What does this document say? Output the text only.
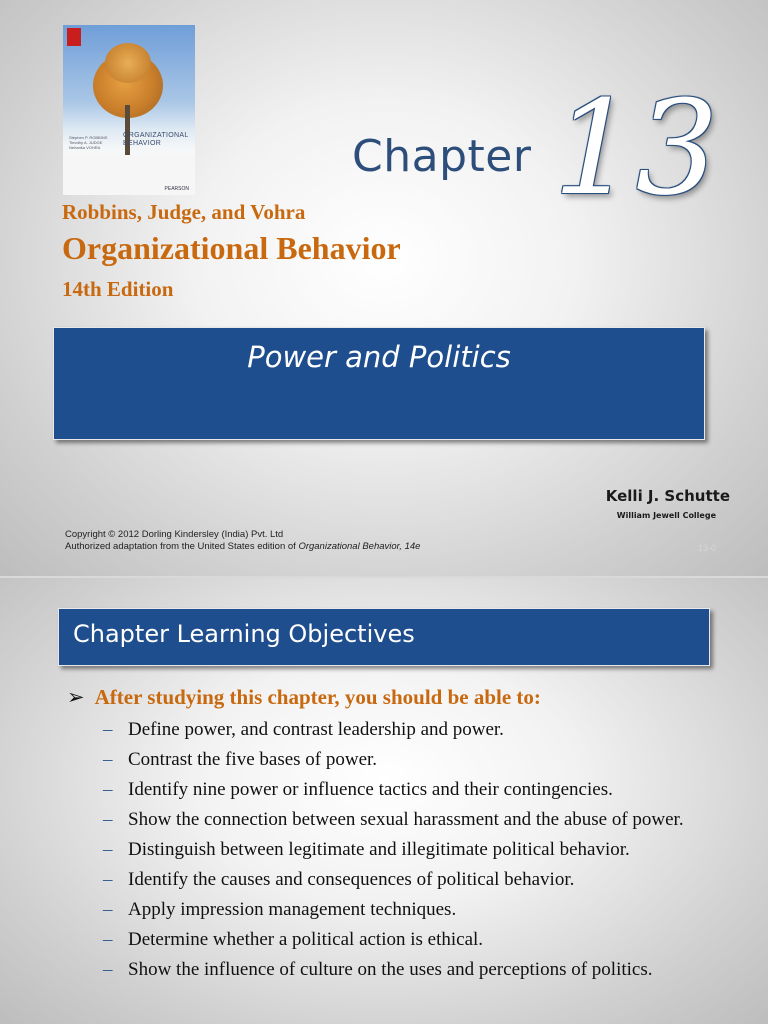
Stephen P. ROBBINS
Timothy A. JUDGE
Neharika VOHRA
ORGANIZATIONAL
BEHAVIOR
PEARSON
Chapter 13
Robbins, Judge, and Vohra
Organizational Behavior
14th Edition
Power and Politics
Kelli J. Schutte
William Jewell College
Copyright © 2012 Dorling Kindersley (India) Pvt. Ltd
Authorized adaptation from the United States edition of Organizational Behavior, 14e	13-0
Chapter Learning Objectives
➢ After studying this chapter, you should be able to:
– Define power, and contrast leadership and power.
– Contrast the five bases of power.
– Identify nine power or influence tactics and their contingencies.
– Show the connection between sexual harassment and the abuse of power.
– Distinguish between legitimate and illegitimate political behavior.
– Identify the causes and consequences of political behavior.
– Apply impression management techniques.
– Determine whether a political action is ethical.
– Show the influence of culture on the uses and perceptions of politics.
